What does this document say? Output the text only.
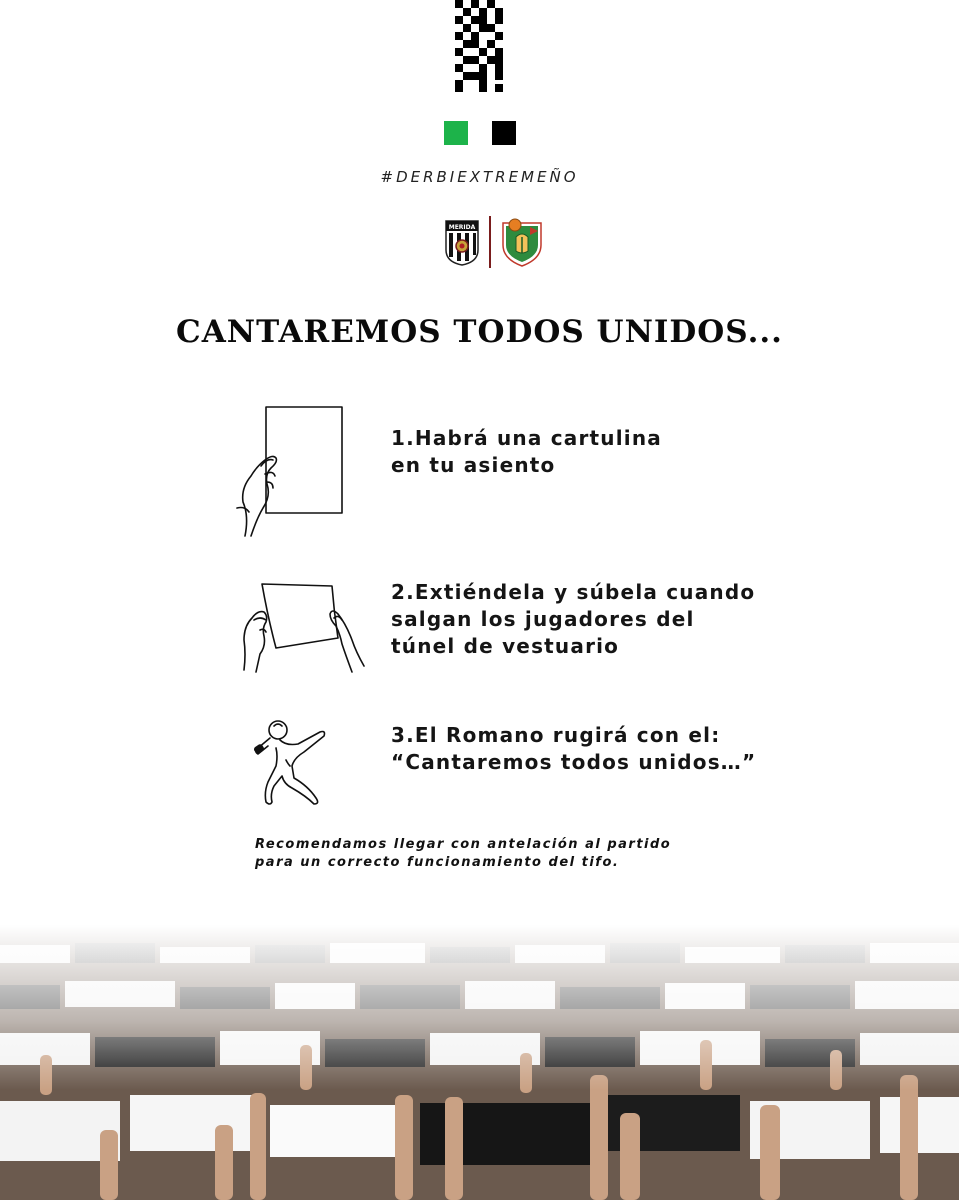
#DERBIEXTREMEÑO
MERIDA
CANTAREMOS TODOS UNIDOS...
1.Habrá una cartulina
en tu asiento
2.Extiéndela y súbela cuando
salgan los jugadores del
túnel de vestuario
3.El Romano rugirá con el:
“Cantaremos todos unidos…”
Recomendamos llegar con antelación al partido
para un correcto funcionamiento del tifo.
